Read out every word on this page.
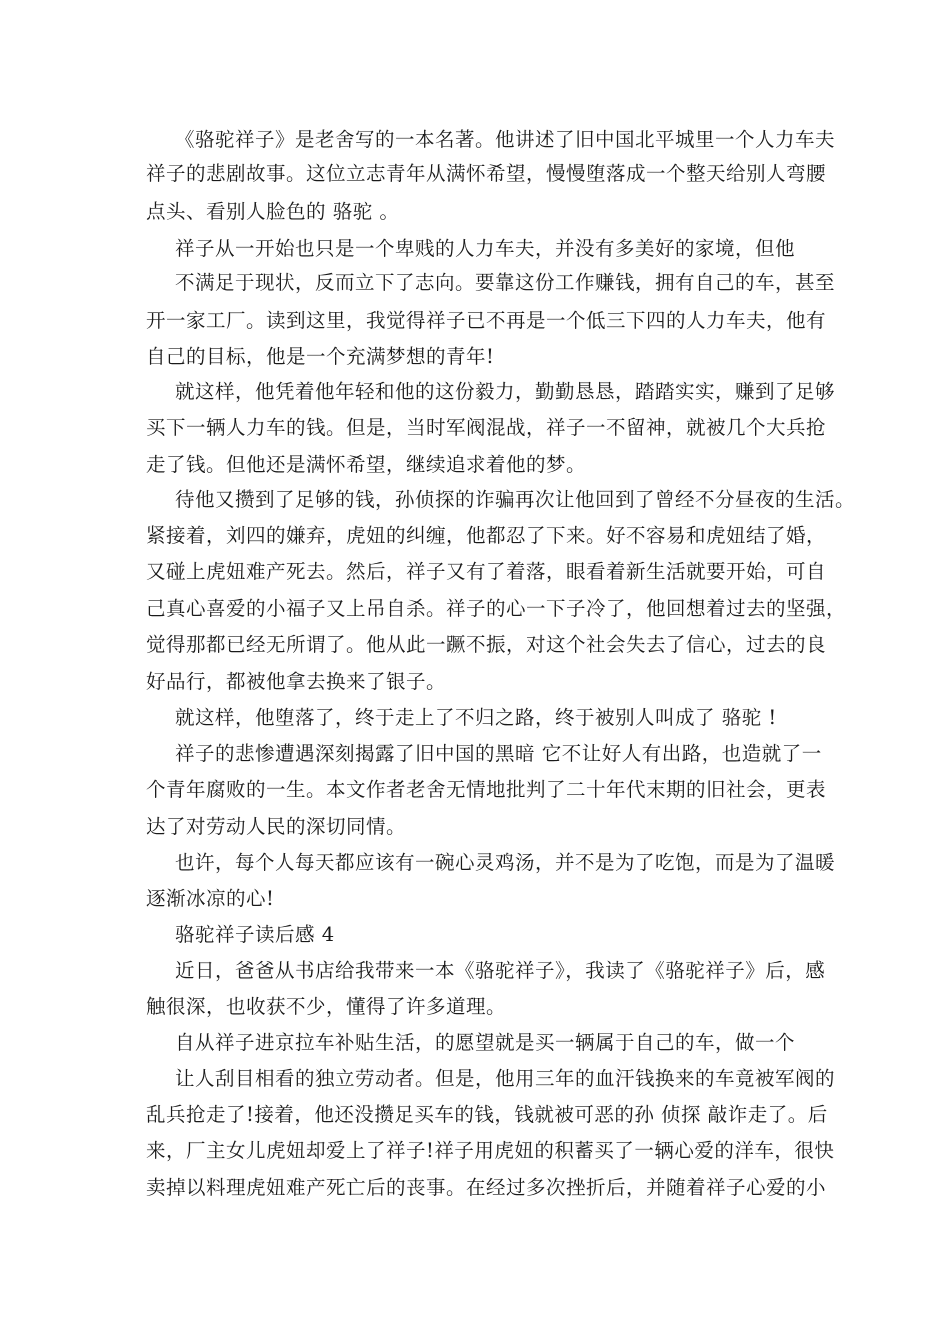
《骆驼祥子》是老舍写的一本名著。他讲述了旧中国北平城里一个人力车夫
祥子的悲剧故事。这位立志青年从满怀希望，慢慢堕落成一个整天给别人弯腰
点头、看别人脸色的 骆驼 。
祥子从一开始也只是一个卑贱的人力车夫，并没有多美好的家境，但他
不满足于现状，反而立下了志向。要靠这份工作赚钱，拥有自己的车，甚至
开一家工厂。读到这里，我觉得祥子已不再是一个低三下四的人力车夫，他有
自己的目标，他是一个充满梦想的青年!
就这样，他凭着他年轻和他的这份毅力，勤勤恳恳，踏踏实实，赚到了足够
买下一辆人力车的钱。但是，当时军阀混战，祥子一不留神，就被几个大兵抢
走了钱。但他还是满怀希望，继续追求着他的梦。
待他又攒到了足够的钱，孙侦探的诈骗再次让他回到了曾经不分昼夜的生活。
紧接着，刘四的嫌弃，虎妞的纠缠，他都忍了下来。好不容易和虎妞结了婚，
又碰上虎妞难产死去。然后，祥子又有了着落，眼看着新生活就要开始，可自
己真心喜爱的小福子又上吊自杀。祥子的心一下子冷了，他回想着过去的坚强，
觉得那都已经无所谓了。他从此一蹶不振，对这个社会失去了信心，过去的良
好品行，都被他拿去换来了银子。
就这样，他堕落了，终于走上了不归之路，终于被别人叫成了 骆驼 !
祥子的悲惨遭遇深刻揭露了旧中国的黑暗 它不让好人有出路，也造就了一
个青年腐败的一生。本文作者老舍无情地批判了二十年代末期的旧社会，更表
达了对劳动人民的深切同情。
也许，每个人每天都应该有一碗心灵鸡汤，并不是为了吃饱，而是为了温暖
逐渐冰凉的心!
骆驼祥子读后感 4
近日，爸爸从书店给我带来一本《骆驼祥子》，我读了《骆驼祥子》后，感
触很深，也收获不少，懂得了许多道理。
自从祥子进京拉车补贴生活，的愿望就是买一辆属于自己的车，做一个
让人刮目相看的独立劳动者。但是，他用三年的血汗钱换来的车竟被军阀的
乱兵抢走了!接着，他还没攒足买车的钱，钱就被可恶的孙 侦探 敲诈走了。后
来，厂主女儿虎妞却爱上了祥子!祥子用虎妞的积蓄买了一辆心爱的洋车，很快
卖掉以料理虎妞难产死亡后的丧事。在经过多次挫折后，并随着祥子心爱的小
